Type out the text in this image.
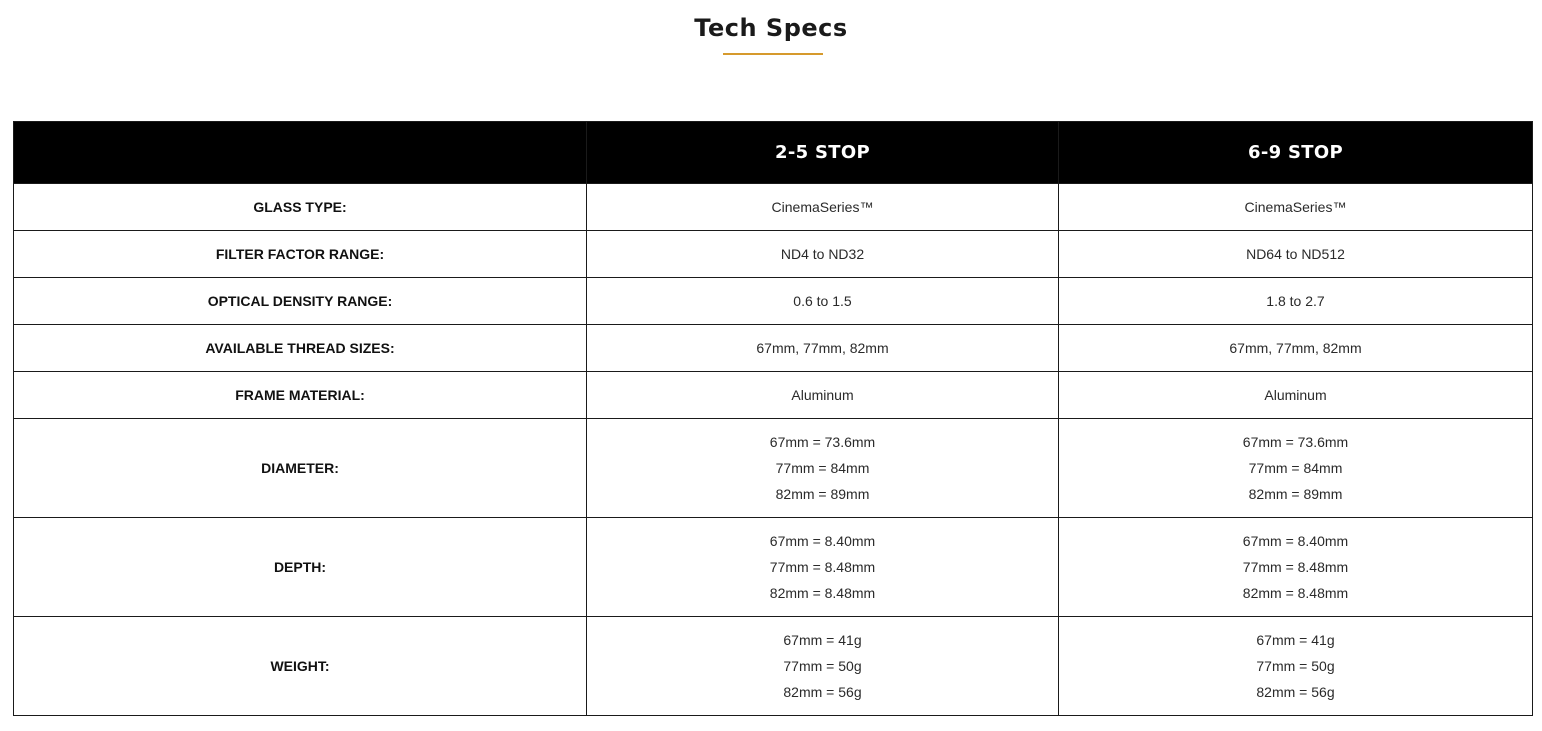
Tech Specs
	2-5 STOP	6-9 STOP
GLASS TYPE:	CinemaSeries™	CinemaSeries™

FILTER FACTOR RANGE:	ND4 to ND32	ND64 to ND512

OPTICAL DENSITY RANGE:	0.6 to 1.5	1.8 to 2.7

AVAILABLE THREAD SIZES:	67mm, 77mm, 82mm	67mm, 77mm, 82mm

FRAME MATERIAL:	Aluminum	Aluminum

DIAMETER:	67mm = 73.6mm
77mm = 84mm
82mm = 89mm	67mm = 73.6mm
77mm = 84mm
82mm = 89mm

DEPTH:	67mm = 8.40mm
77mm = 8.48mm
82mm = 8.48mm	67mm = 8.40mm
77mm = 8.48mm
82mm = 8.48mm

WEIGHT:	67mm = 41g
77mm = 50g
82mm = 56g	67mm = 41g
77mm = 50g
82mm = 56g
